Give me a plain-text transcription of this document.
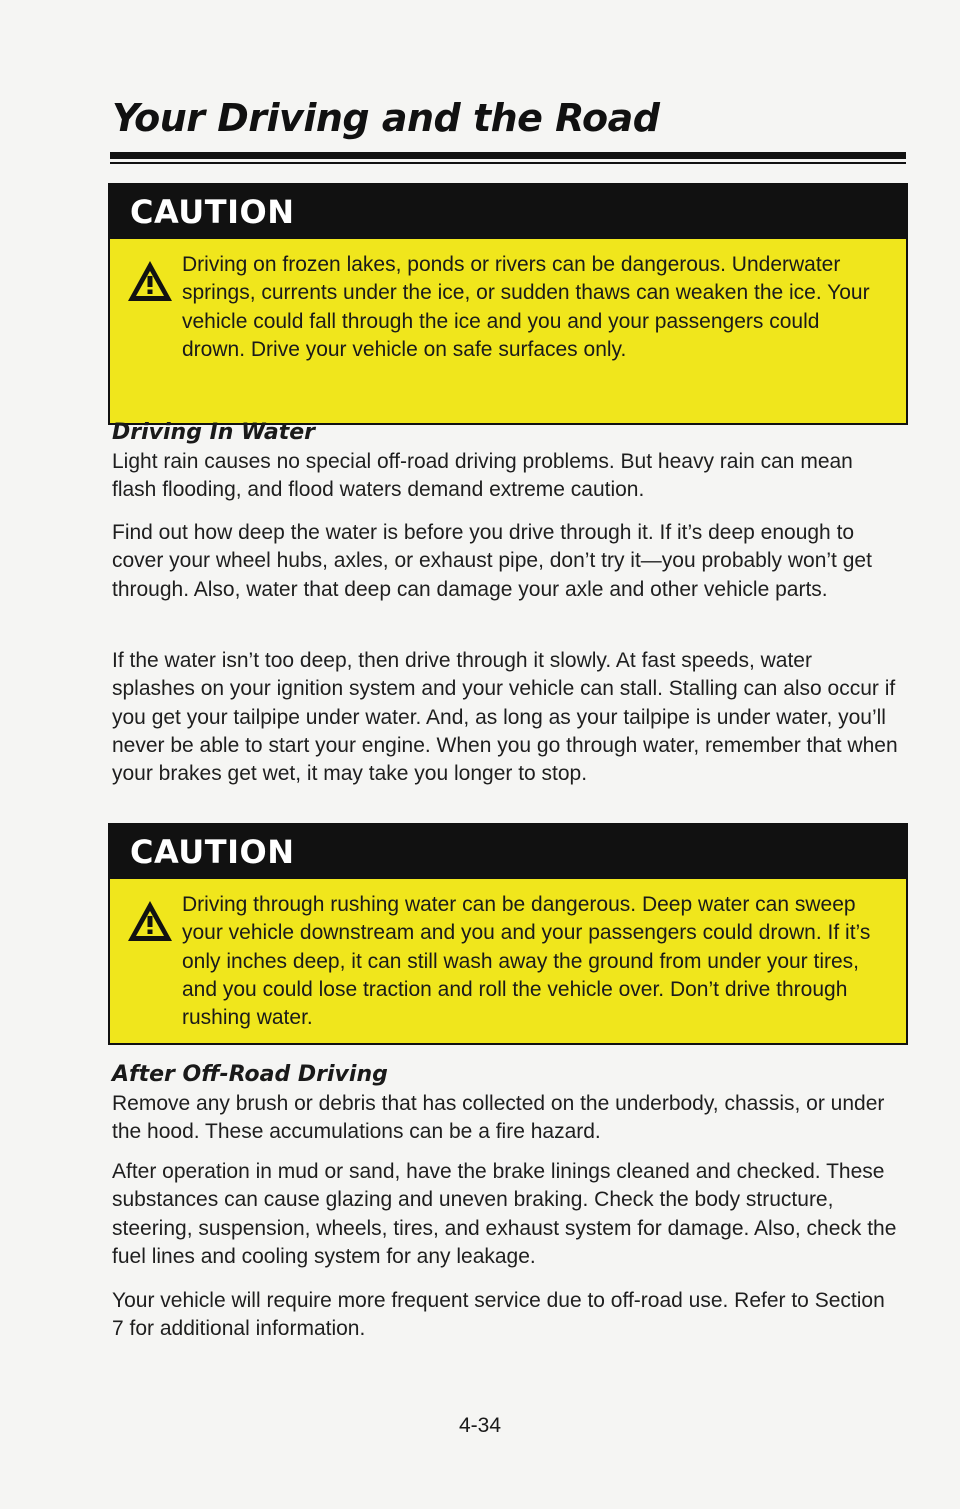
Your Driving and the Road
CAUTION
Driving on frozen lakes, ponds or rivers can be dangerous. Underwater springs, currents under the ice, or sudden thaws can weaken the ice. Your vehicle could fall through the ice and you and your passengers could drown. Drive your vehicle on safe surfaces only.
Driving In Water

Light rain causes no special off-road driving problems. But heavy rain can mean flash flooding, and flood waters demand extreme caution.

Find out how deep the water is before you drive through it. If it’s deep enough to cover your wheel hubs, axles, or exhaust pipe, don’t try it—you probably won’t get through. Also, water that deep can damage your axle and other vehicle parts.

If the water isn’t too deep, then drive through it slowly. At fast speeds, water splashes on your ignition system and your vehicle can stall. Stalling can also occur if you get your tailpipe under water. And, as long as your tailpipe is under water, you’ll never be able to start your engine. When you go through water, remember that when your brakes get wet, it may take you longer to stop.

CAUTION
Driving through rushing water can be dangerous. Deep water can sweep your vehicle downstream and you and your passengers could drown. If it’s only inches deep, it can still wash away the ground from under your tires, and you could lose traction and roll the vehicle over. Don’t drive through rushing water.
After Off-Road Driving

Remove any brush or debris that has collected on the underbody, chassis, or under the hood. These accumulations can be a fire hazard.

After operation in mud or sand, have the brake linings cleaned and checked. These substances can cause glazing and uneven braking. Check the body structure, steering, suspension, wheels, tires, and exhaust system for damage. Also, check the fuel lines and cooling system for any leakage.

Your vehicle will require more frequent service due to off-road use. Refer to Section 7 for additional information.

4-34
